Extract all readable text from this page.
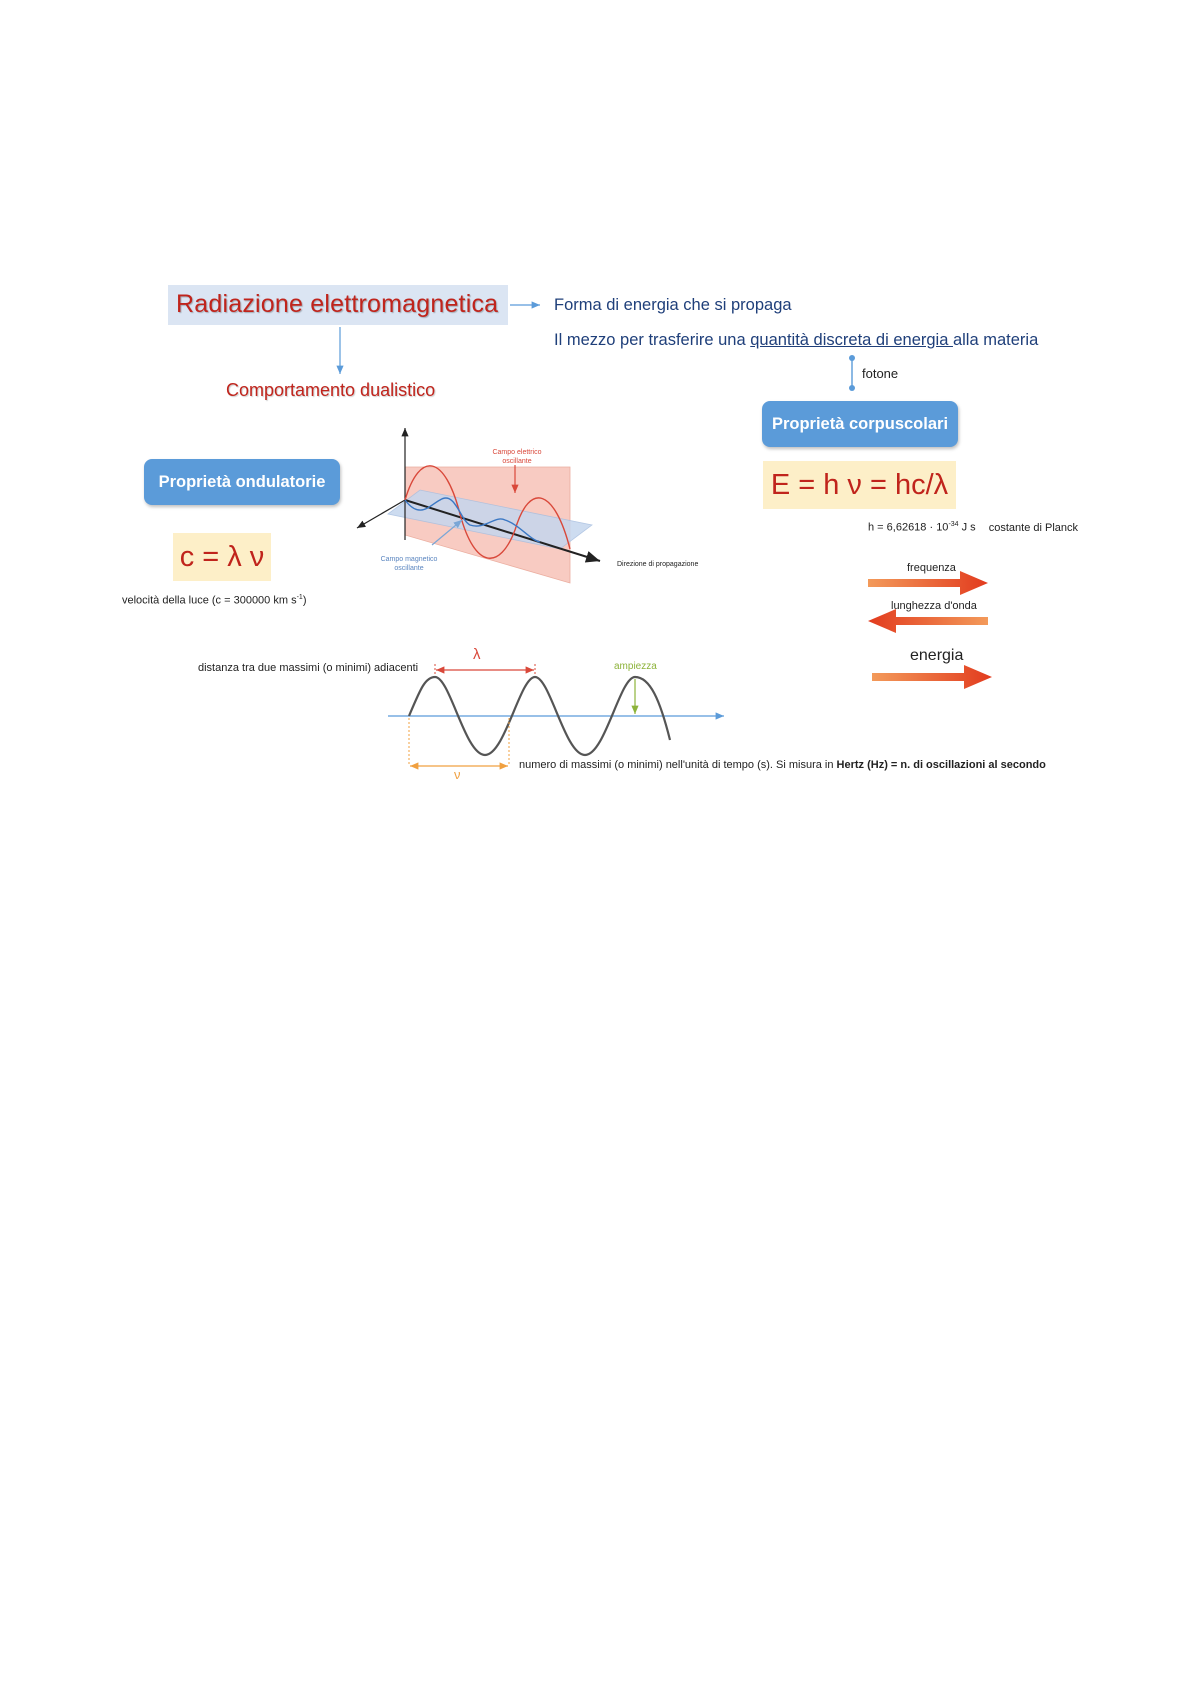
Radiazione elettromagnetica	Forma di energia che si propaga
Il mezzo per trasferire una quantità discreta di energia alla materia
fotone
Comportamento dualistico
Proprietà corpuscolari
E = h ν = hc/λ
$h = 6,62618 \cdot 10^{-34}$ J s costante di Planck
Proprietà ondulatorie
c = λ ν
velocità della luce (c = 300000 km $s^{-1}$)
Campo elettrico
oscillante
Campo magnetico
oscillante
Direzione di propagazione	frequenza
lunghezza d'onda
energia
λ
distanza tra due massimi (o minimi) adiacenti	ampiezza
ν
numero di massimi (o minimi) nell'unità di tempo (s). Si misura in Hertz (Hz) = n. di oscillazioni al secondo
